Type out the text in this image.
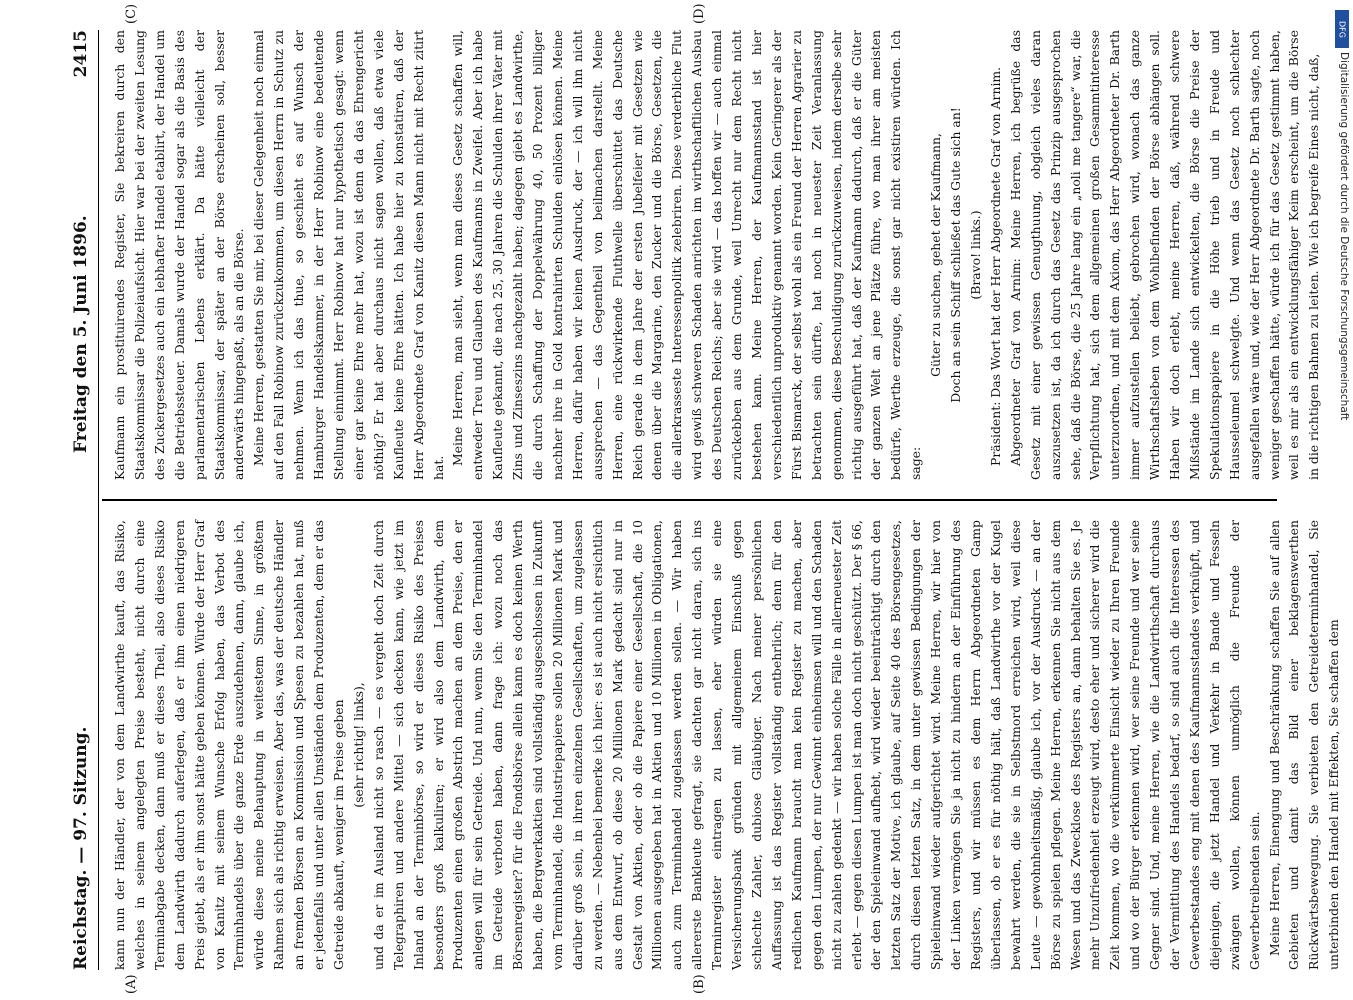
Reichstag. — 97. Sitzung.
Freitag den 5. Juni 1896.
2415
(A)	(B)
(C)	(D)

kann nun der Händler, der von dem Landwirthe kauft, das Risiko, welches in seinem angelegten Preise besteht, nicht durch eine Terminabgabe decken, dann muß er dieses Theil, also dieses Risiko dem Landwirth dadurch auferlegen, daß er ihm einen niedrigeren Preis giebt, als er ihm sonst hätte geben können. Würde der Herr Graf von Kanitz mit seinem Wunsche Erfolg haben, das Verbot des Terminhandels über die ganze Erde auszudehnen, dann, glaube ich, würde diese meine Behauptung in weitestem Sinne, in größtem Rahmen sich als richtig erweisen. Aber das, was der deutsche Händler an fremden Börsen an Kommission und Spesen zu bezahlen hat, muß er jedenfalls und unter allen Umständen dem Produzenten, dem er das Getreide abkauft, weniger im Preise geben (sehr richtig! links), und da er im Ausland nicht so rasch — es vergeht doch Zeit durch Telegraphiren und andere Mittel — sich decken kann, wie jetzt im Inland an der Terminbörse, so wird er dieses Risiko des Preises besonders groß kalkuliren; er wird also dem Landwirth, dem Produzenten einen großen Abstrich machen an dem Preise, den er anlegen will für sein Getreide. Und nun, wenn Sie den Terminhandel im Getreide verboten haben, dann frage ich: wozu noch das Börsenregister? für die Fondsbörse allein kann es doch keinen Werth haben, die Bergwerkaktien sind vollständig ausgeschlossen in Zukunft vom Terminhandel, die Industriepapiere sollen 20 Millionen Mark und darüber groß sein, in ihren einzelnen Gesellschaften, um zugelassen zu werden. — Nebenbei bemerke ich hier: es ist auch nicht ersichtlich aus dem Entwurf, ob diese 20 Millionen Mark gedacht sind nur in Gestalt von Aktien, oder ob die Papiere einer Gesellschaft, die 10 Millionen ausgegeben hat in Aktien und 10 Millionen in Obligationen, auch zum Terminhandel zugelassen werden sollen. — Wir haben allererste Bankleute gefragt, sie dachten gar nicht daran, sich ins Terminregister eintragen zu lassen, eher würden sie eine Versicherungsbank gründen mit allgemeinem Einschuß gegen schlechte Zahler, dubiose Gläubiger. Nach meiner persönlichen Auffassung ist das Register vollständig entbehrlich; denn für den redlichen Kaufmann braucht man kein Register zu machen, aber gegen den Lumpen, der nur Gewinnt einheimsen will und den Schaden nicht zu zahlen gedenkt — wir haben solche Fälle in allerneuester Zeit erlebt — gegen diesen Lumpen ist man doch nicht geschützt. Der § 66, der den Spieleinwand aufhebt, wird wieder beeinträchtigt durch den letzten Satz der Motive, ich glaube, auf Seite 40 des Börsengesetzes, durch diesen letzten Satz, in dem unter gewissen Bedingungen der Spieleinwand wieder aufgerichtet wird. Meine Herren, wir hier von der Linken vermögen Sie ja nicht zu hindern an der Einführung des Registers, und wir müssen es dem Herrn Abgeordneten Gamp überlassen, ob er es für nöthig hält, daß Landwirthe vor der Kugel bewahrt werden, die sie in Selbstmord erreichen wird, weil diese Leute — gewohnheitsmäßig, glaube ich, vor der Ausdruck — an der Börse zu spielen pflegen. Meine Herren, erkennen Sie nicht aus dem Wesen und das Zwecklose des Registers an, dann behalten Sie es. Je mehr Unzufriedenheit erzeugt wird, desto eher und sicherer wird die Zeit kommen, wo die verkümmerte Einsicht wieder zu Ihren Freunde und wo der Bürger erkennen wird, wer seine Freunde und wer seine Gegner sind. Und, meine Herren, wie die Landwirthschaft durchaus der Vermittlung des Handels bedarf, so sind auch die Interessen des Gewerbestandes eng mit denen des Kaufmannsstandes verknüpft, und diejenigen, die jetzt Handel und Verkehr in Bande und Fesseln zwängen wollen, können unmöglich die Freunde der Gewerbetreibenden sein. Meine Herren, Einengung und Beschränkung schaffen Sie auf allen Gebieten und damit das Bild einer beklagenswerthen Rückwärtsbewegung. Sie verbieten den Getreideterminhandel, Sie unterbinden den Handel mit Effekten, Sie schaffen dem

Kaufmann ein prostituirendes Register, Sie bekreiren durch den Staatskommissar die Polizeiaufsicht. Hier war bei der zweiten Lesung des Zuckergesetzes auch ein lebhafter Handel etablirt, der Handel um die Betriebssteuer. Damals wurde der Handel sogar als die Basis des parlamentarischen Lebens erklärt. Da hätte vielleicht der Staatskommissar, der später an der Börse erscheinen soll, besser anderwärts hingepaßt, als an die Börse. Meine Herren, gestatten Sie mir, bei dieser Gelegenheit noch einmal auf den Fall Robinow zurückzukommen, um diesen Herrn in Schutz zu nehmen. Wenn ich das thue, so geschieht es auf Wunsch der Hamburger Handelskammer, in der Herr Robinow eine bedeutende Stellung einnimmt. Herr Robinow hat nur hypothetisch gesagt: wenn einer gar keine Ehre mehr hat, wozu ist denn da das Ehrengericht nöthig? Er hat aber durchaus nicht sagen wollen, daß etwa viele Kaufleute keine Ehre hätten. Ich habe hier zu konstatiren, daß der Herr Abgeordnete Graf von Kanitz diesen Mann nicht mit Recht zitirt hat.

Meine Herren, man sieht, wenn man dieses Gesetz schaffen will, entweder Treu und Glauben des Kaufmanns in Zweifel. Aber ich habe Kaufleute gekannt, die nach 25, 30 Jahren die Schulden ihrer Väter mit Zins und Zinseszins nachgezahlt haben; dagegen giebt es Landwirthe, die durch Schaffung der Doppelwährung 40, 50 Prozent billiger nachher ihre in Gold kontrahirten Schulden einlösen können. Meine Herren, dafür haben wir keinen Ausdruck, der — ich will ihn nicht aussprechen — das Gegentheil von beilmachen darstellt. Meine Herren, eine rückwirkende Fluthwelle überschüttet das Deutsche Reich gerade in dem Jahre der ersten Jubelfeier mit Gesetzen wie denen über die Margarine, den Zucker und die Börse, Gesetzen, die die allerkrasseste Interessenpolitik zelebriren. Diese verderbliche Flut wird gewiß schweren Schaden anrichten im wirthschaftlichen Ausbau des Deutschen Reichs; aber sie wird — das hoffen wir — auch einmal zurückebben aus dem Grunde, weil Unrecht nur dem Recht nicht bestehen kann. Meine Herren, der Kaufmannsstand ist hier verschiedentlich unproduktiv genannt worden. Kein Geringerer als der Fürst Bismarck, der selbst wohl als ein Freund der Herren Agrarier zu betrachten sein dürfte, hat noch in neuester Zeit Veranlassung genommen, diese Beschuldigung zurückzuweisen, indem derselbe sehr richtig ausgeführt hat, daß der Kaufmann dadurch, daß er die Güter der ganzen Welt an jene Plätze führe, wo man ihrer am meisten bedürfe, Werthe erzeuge, die sonst gar nicht existiren würden. Ich sage:

Güter zu suchen, gehet der Kaufmann, Doch an sein Schiff schließet das Gute sich an! (Bravo! links.) Präsident: Das Wort hat der Herr Abgeordnete Graf von Arnim. Abgeordneter Graf von Arnim: Meine Herren, ich begrüße das Gesetz mit einer gewissen Genugthuung, obgleich vieles daran auszusetzen ist, da ich durch das Gesetz das Prinzip ausgesprochen sehe, daß die Börse, die 25 Jahre lang ein „noli me tangere“ war, die Verpflichtung hat, sich dem allgemeinen großen Gesammtinteresse unterzuordnen, und mit dem Axiom, das Herr Abgeordneter Dr. Barth immer aufzustellen beliebt, gebrochen wird, wonach das ganze Wirthschaftsleben von dem Wohlbefinden der Börse abhängen soll. Haben wir doch erlebt, meine Herren, daß, während schwere Mißstände im Lande sich entwickelten, die Börse die Preise der Spekulationspapiere in die Höhe trieb und in Freude und Hausseleumel schwelgte. Und wenn das Gesetz noch schlechter ausgefallen wäre und, wie der Herr Abgeordnete Dr. Barth sagte, noch weniger geschaffen hätte, würde ich für das Gesetz gestimmt haben, weil es mir als ein entwicklungsfähiger Keim erscheint, um die Börse in die richtigen Bahnen zu leiten. Wie ich begreife Eines nicht, daß,

DFG
Digitalisierung gefördert durch die Deutsche Forschungsgemeinschaft
